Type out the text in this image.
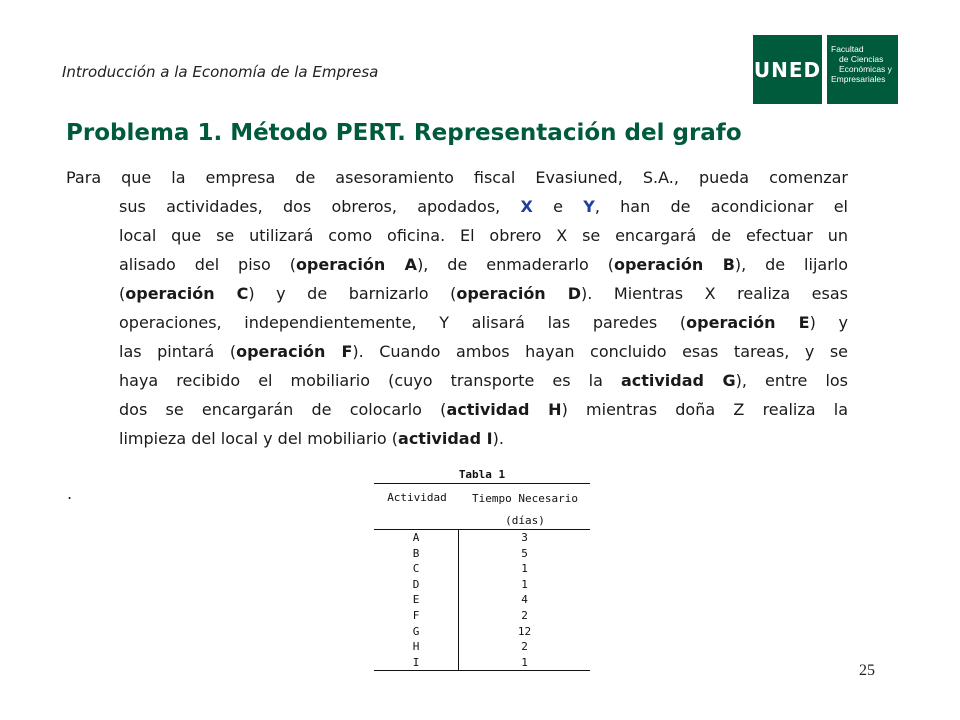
Introducción a la Economía de la Empresa	UNED
Facultad
de Ciencias
Económicas y
Empresariales
Problema 1. Método PERT. Representación del grafo
Para que la empresa de asesoramiento fiscal Evasiuned, S.A., pueda comenzar
sus actividades, dos obreros, apodados, X e Y, han de acondicionar el
local que se utilizará como oficina. El obrero X se encargará de efectuar un
alisado del piso (operación A), de enmaderarlo (operación B), de lijarlo
(operación C) y de barnizarlo (operación D). Mientras X realiza esas
operaciones, independientemente, Y alisará las paredes (operación E) y
las pintará (operación F). Cuando ambos hayan concluido esas tareas, y se
haya recibido el mobiliario (cuyo transporte es la actividad G), entre los
dos se encargarán de colocarlo (actividad H) mientras doña Z realiza la
limpieza del local y del mobiliario (actividad I).
.
Tabla 1
Actividad	Tiempo Necesario
(días)
A	3
B	5
C	1
D	1
E	4
F	2
G	12
H	2
I	1	25
